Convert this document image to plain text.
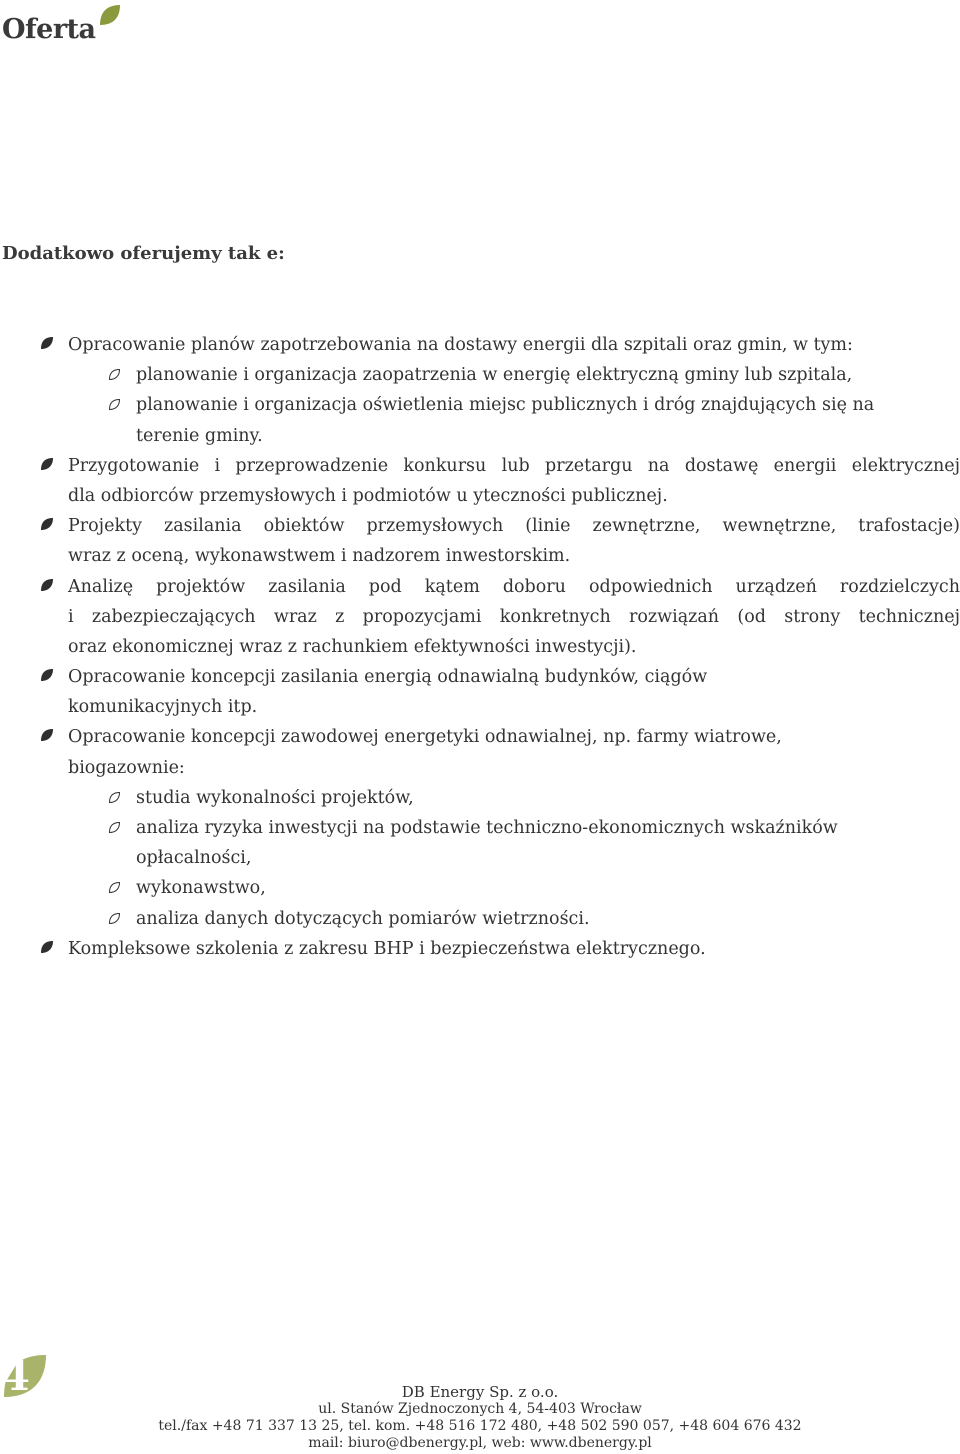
Oferta
Dodatkowo oferujemy tak e:
Opracowanie planów zapotrzebowania na dostawy energii dla szpitali oraz gmin, w tym:
planowanie i organizacja zaopatrzenia w energię elektryczną gminy lub szpitala,
planowanie i organizacja oświetlenia miejsc publicznych i dróg znajdujących się na
terenie gminy.
Przygotowanie i przeprowadzenie konkursu lub przetargu na dostawę energii elektrycznej
dla odbiorców przemysłowych i podmiotów u yteczności publicznej.
Projekty zasilania obiektów przemysłowych (linie zewnętrzne, wewnętrzne, trafostacje)
wraz z oceną, wykonawstwem i nadzorem inwestorskim.
Analizę projektów zasilania pod kątem doboru odpowiednich urządzeń rozdzielczych
i zabezpieczających wraz z propozycjami konkretnych rozwiązań (od strony technicznej
oraz ekonomicznej wraz z rachunkiem efektywności inwestycji).
Opracowanie koncepcji zasilania energią odnawialną budynków, ciągów
komunikacyjnych itp.
Opracowanie koncepcji zawodowej energetyki odnawialnej, np. farmy wiatrowe,
biogazownie:
studia wykonalności projektów,
analiza ryzyka inwestycji na podstawie techniczno-ekonomicznych wskaźników
opłacalności,
wykonawstwo,
analiza danych dotyczących pomiarów wietrzności.
Kompleksowe szkolenia z zakresu BHP i bezpieczeństwa elektrycznego.
4	DB Energy Sp. z o.o.
ul. Stanów Zjednoczonych 4, 54-403 Wrocław
tel./fax +48 71 337 13 25, tel. kom. +48 516 172 480, +48 502 590 057, +48 604 676 432
mail: biuro@dbenergy.pl, web: www.dbenergy.pl
